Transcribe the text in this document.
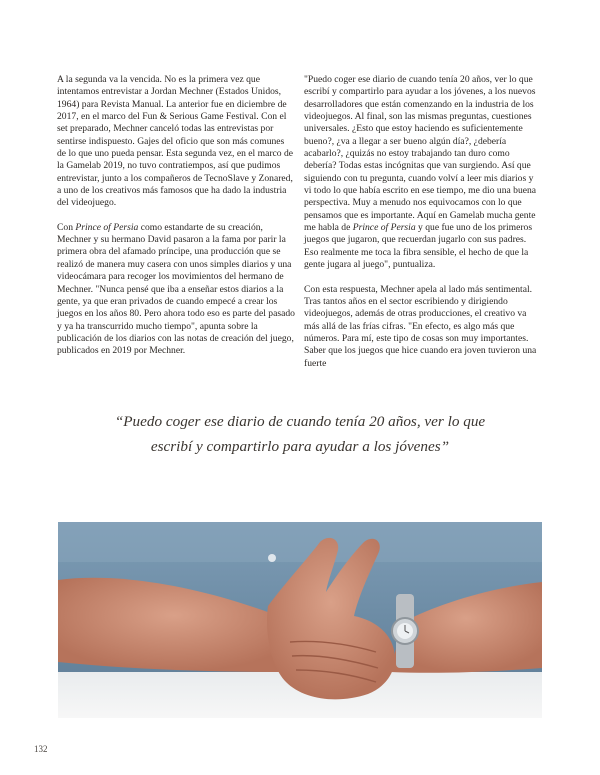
A la segunda va la vencida. No es la primera vez que intentamos entrevistar a Jordan Mechner (Estados Unidos, 1964) para Revista Manual. La anterior fue en diciembre de 2017, en el marco del Fun & Serious Game Festival. Con el set preparado, Mechner canceló todas las entrevistas por sentirse indispuesto. Gajes del oficio que son más comunes de lo que uno pueda pensar. Esta segunda vez, en el marco de la Gamelab 2019, no tuvo contratiempos, así que pudimos entrevistar, junto a los compañeros de TecnoSlave y Zonared, a uno de los creativos más famosos que ha dado la industria del videojuego.

Con Prince of Persia como estandarte de su creación, Mechner y su hermano David pasaron a la fama por parir la primera obra del afamado príncipe, una producción que se realizó de manera muy casera con unos simples diarios y una videocámara para recoger los movimientos del hermano de Mechner. "Nunca pensé que iba a enseñar estos diarios a la gente, ya que eran privados de cuando empecé a crear los juegos en los años 80. Pero ahora todo eso es parte del pasado y ya ha transcurrido mucho tiempo", apunta sobre la publicación de los diarios con las notas de creación del juego, publicados en 2019 por Mechner.

"Puedo coger ese diario de cuando tenía 20 años, ver lo que escribí y compartirlo para ayudar a los jóvenes, a los nuevos desarrolladores que están comenzando en la industria de los videojuegos. Al final, son las mismas preguntas, cuestiones universales. ¿Esto que estoy haciendo es suficientemente bueno?, ¿va a llegar a ser bueno algún día?, ¿debería acabarlo?, ¿quizás no estoy trabajando tan duro como debería? Todas estas incógnitas que van surgiendo. Así que siguiendo con tu pregunta, cuando volví a leer mis diarios y vi todo lo que había escrito en ese tiempo, me dio una buena perspectiva. Muy a menudo nos equivocamos con lo que pensamos que es importante. Aquí en Gamelab mucha gente me habla de Prince of Persia y que fue uno de los primeros juegos que jugaron, que recuerdan jugarlo con sus padres. Eso realmente me toca la fibra sensible, el hecho de que la gente jugara al juego", puntualiza.

Con esta respuesta, Mechner apela al lado más sentimental. Tras tantos años en el sector escribiendo y dirigiendo videojuegos, además de otras producciones, el creativo va más allá de las frías cifras. "En efecto, es algo más que números. Para mí, este tipo de cosas son muy importantes. Saber que los juegos que hice cuando era joven tuvieron una fuerte

“Puedo coger ese diario de cuando tenía 20 años, ver lo que
escribí y compartirlo para ayudar a los jóvenes”
132
